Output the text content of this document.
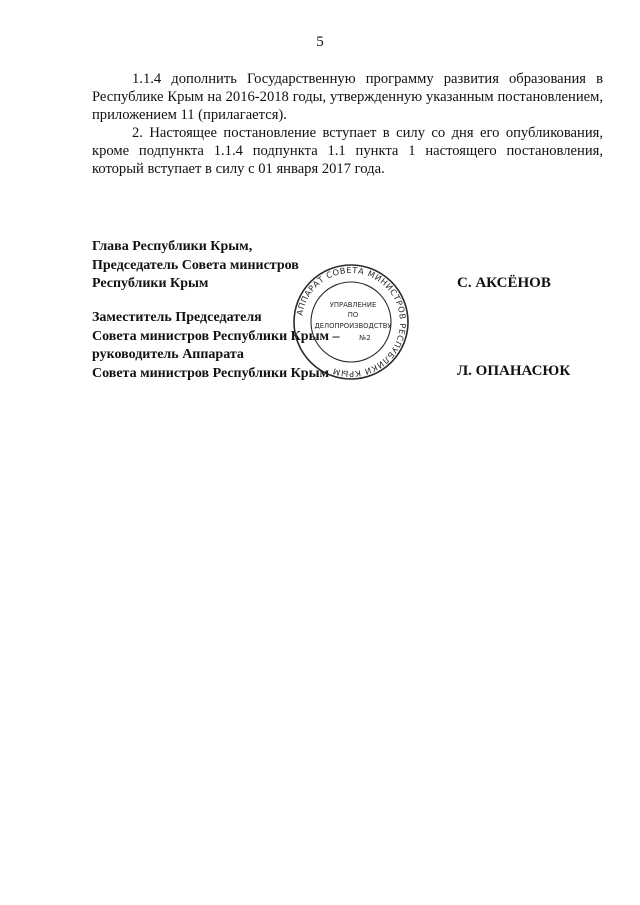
5

1.1.4 дополнить Государственную программу развития образования в Республике Крым на 2016-2018 годы, утвержденную указанным постановлением, приложением 11 (прилагается).

2. Настоящее постановление вступает в силу со дня его опубликования, кроме подпункта 1.1.4 подпункта 1.1 пункта 1 настоящего постановления, который вступает в силу с 01 января 2017 года.

Глава Республики Крым,
Председатель Совета министров
Республики Крым	С. АКСЁНОВ
Заместитель Председателя
Совета министров Республики Крым –
руководитель Аппарата
Совета министров Республики Крым	Л. ОПАНАСЮК
АППАРАТ СОВЕТА МИНИСТРОВ РЕСПУБЛИКИ КРЫМ
УПРАВЛЕНИЕ
ПО
ДЕЛОПРОИЗВОДСТВУ
№2
